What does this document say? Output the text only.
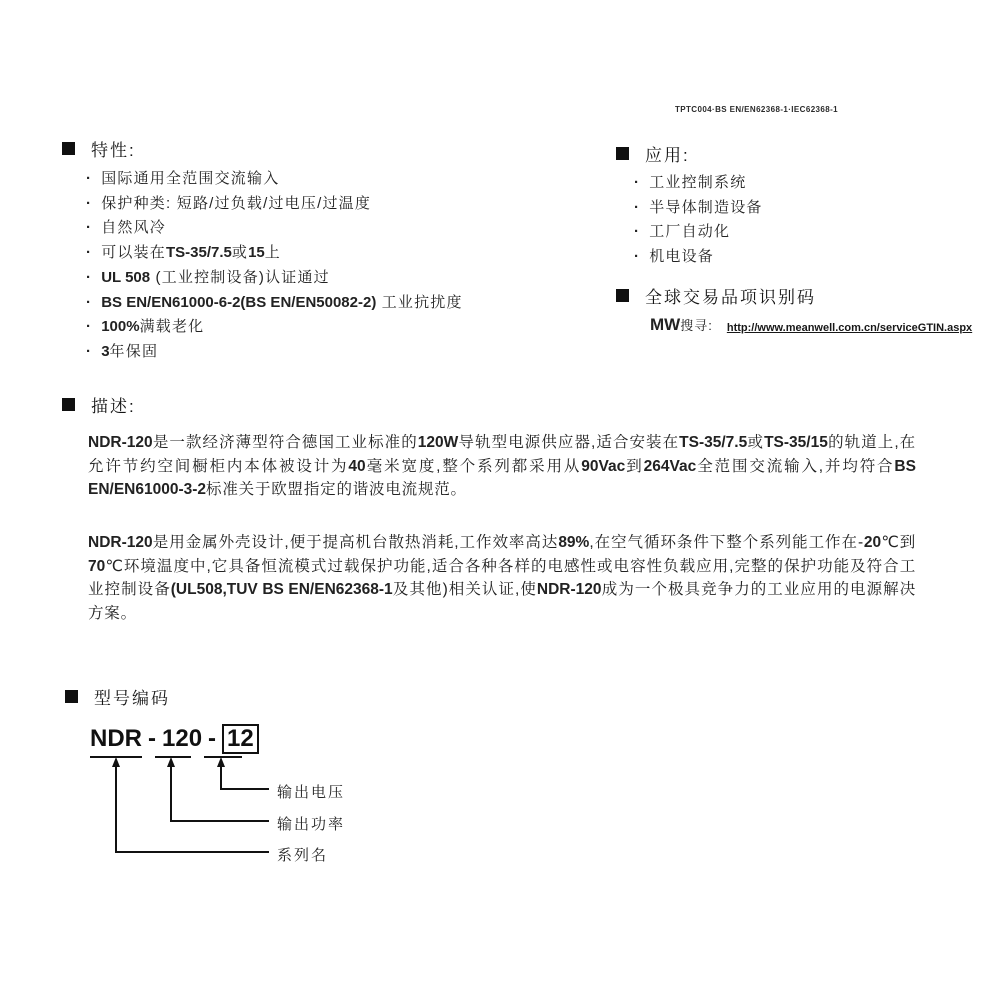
TPTC004·BS EN/EN62368-1·IEC62368-1
特性:
· 国际通用全范围交流输入
· 保护种类: 短路/过负载/过电压/过温度
· 自然风冷
· 可以装在TS-35/7.5或15上
· UL 508 (工业控制设备)认证通过
· BS EN/EN61000-6-2(BS EN/EN50082-2) 工业抗扰度
· 100%满载老化
· 3年保固
应用:
· 工业控制系统
· 半导体制造设备
· 工厂自动化
· 机电设备
全球交易品项识别码
MW搜寻: http://www.meanwell.com.cn/serviceGTIN.aspx
描述:

NDR-120是一款经济薄型符合德国工业标准的120W导轨型电源供应器,适合安装在TS-35/7.5或TS-35/15的轨道上,在允许节约空间橱柜内本体被设计为40毫米宽度,整个系列都采用从90Vac到264Vac全范围交流输入,并均符合BS EN/EN61000-3-2标准关于欧盟指定的谐波电流规范。

NDR-120是用金属外壳设计,便于提高机台散热消耗,工作效率高达89%,在空气循环条件下整个系列能工作在-20℃到70℃环境温度中,它具备恒流模式过载保护功能,适合各种各样的电感性或电容性负载应用,完整的保护功能及符合工业控制设备(UL508,TUV BS EN/EN62368-1及其他)相关认证,使NDR-120成为一个极具竞争力的工业应用的电源解决方案。

型号编码
NDR - 120 - 12
输出电压
输出功率
系列名
